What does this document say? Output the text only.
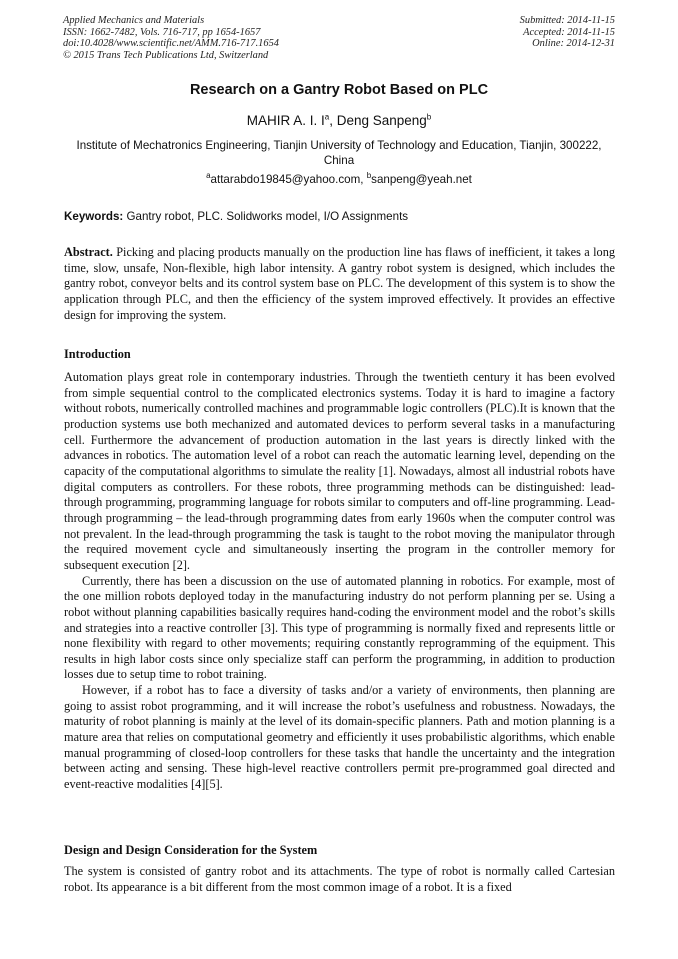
Applied Mechanics and Materials
ISSN: 1662-7482, Vols. 716-717, pp 1654-1657
doi:10.4028/www.scientific.net/AMM.716-717.1654
© 2015 Trans Tech Publications Ltd, Switzerland
Submitted: 2014-11-15
Accepted: 2014-11-15
Online: 2014-12-31
Research on a Gantry Robot Based on PLC
MAHIR A. I. $I^a$, Deng Sanpeng$^b$
Institute of Mechatronics Engineering, Tianjin University of Technology and Education, Tianjin, 300222, China
$^a$attarabdo19845@yahoo.com, $^b$sanpeng@yeah.net
Keywords: Gantry robot, PLC. Solidworks model, I/O Assignments

Abstract. Picking and placing products manually on the production line has flaws of inefficient, it takes a long time, slow, unsafe, Non-flexible, high labor intensity. A gantry robot system is designed, which includes the gantry robot, conveyor belts and its control system base on PLC. The development of this system is to show the application through PLC, and then the efficiency of the system improved effectively. It provides an effective design for improving the system.

Introduction

Automation plays great role in contemporary industries. Through the twentieth century it has been evolved from simple sequential control to the complicated electronics systems. Today it is hard to imagine a factory without robots, numerically controlled machines and programmable logic controllers (PLC).It is known that the production systems use both mechanized and automated devices to perform several tasks in a manufacturing cell. Furthermore the advancement of production automation in the last years is directly linked with the advances in robotics. The automation level of a robot can reach the automatic learning level, depending on the capacity of the computational algorithms to simulate the reality [1]. Nowadays, almost all industrial robots have digital computers as controllers. For these robots, three programming methods can be distinguished: lead-through programming, programming language for robots similar to computers and off-line programming. Lead-through programming – the lead-through programming dates from early 1960s when the computer control was not prevalent. In the lead-through programming the task is taught to the robot moving the manipulator through the required movement cycle and simultaneously inserting the program in the controller memory for subsequent execution [2].

Currently, there has been a discussion on the use of automated planning in robotics. For example, most of the one million robots deployed today in the manufacturing industry do not perform planning per se. Using a robot without planning capabilities basically requires hand-coding the environment model and the robot’s skills and strategies into a reactive controller [3]. This type of programming is normally fixed and represents little or none flexibility with regard to other movements; requiring constantly reprogramming of the equipment. This results in high labor costs since only specialize staff can perform the programming, in addition to production losses due to setup time to robot training.

However, if a robot has to face a diversity of tasks and/or a variety of environments, then planning are going to assist robot programming, and it will increase the robot’s usefulness and robustness. Nowadays, the maturity of robot planning is mainly at the level of its domain-specific planners. Path and motion planning is a mature area that relies on computational geometry and efficiently it uses probabilistic algorithms, which enable manual programming of closed-loop controllers for these tasks that handle the uncertainty and the integration between acting and sensing. These high-level reactive controllers permit pre-programmed goal directed and event-reactive modalities [4][5].

Design and Design Consideration for the System

The system is consisted of gantry robot and its attachments. The type of robot is normally called Cartesian robot. Its appearance is a bit different from the most common image of a robot. It is a fixed
